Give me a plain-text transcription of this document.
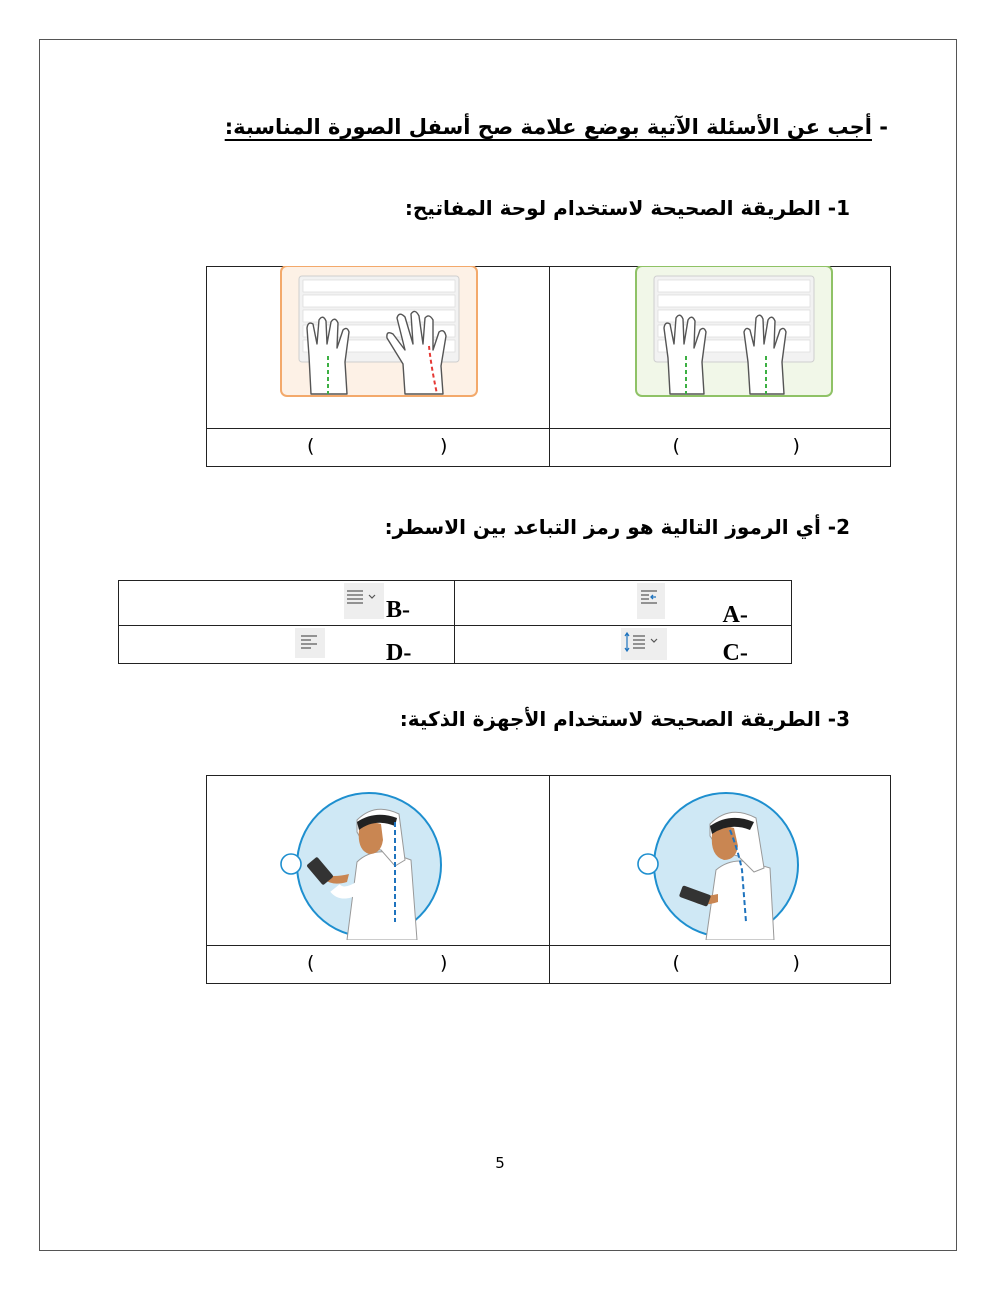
- أجب عن الأسئلة الآتية بوضع علامة صح أسفل الصورة المناسبة:
1- الطريقة الصحيحة لاستخدام لوحة المفاتيح:

( )	( )
2- أي الرموز التالية هو رمز التباعد بين الاسطر:
B-	A-

D-	C-
3- الطريقة الصحيحة لاستخدام الأجهزة الذكية:

( )	( )
5
